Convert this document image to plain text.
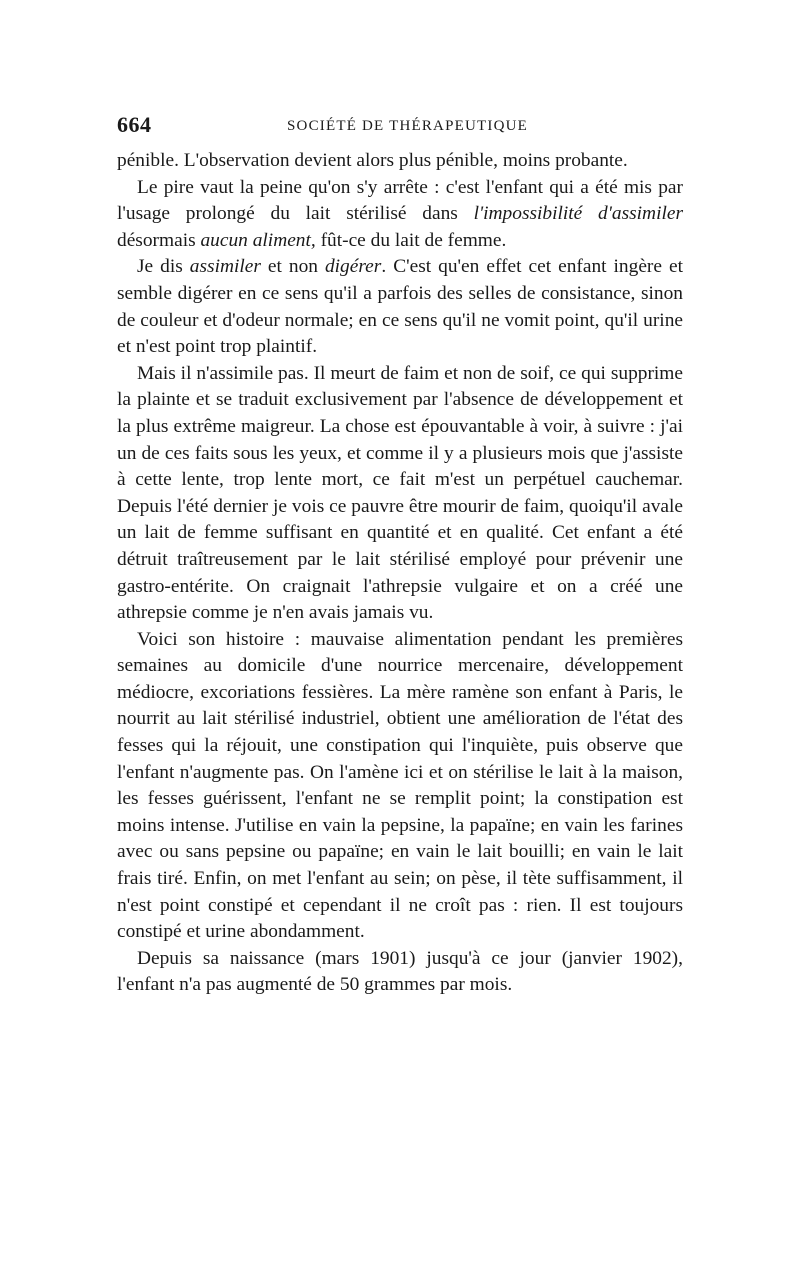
664	SOCIÉTÉ DE THÉRAPEUTIQUE

pénible. L'observation devient alors plus pénible, moins probante.

Le pire vaut la peine qu'on s'y arrête : c'est l'enfant qui a été mis par l'usage prolongé du lait stérilisé dans l'impossibilité d'assimiler désormais aucun aliment, fût-ce du lait de femme.

Je dis assimiler et non digérer. C'est qu'en effet cet enfant ingère et semble digérer en ce sens qu'il a parfois des selles de consistance, sinon de couleur et d'odeur normale; en ce sens qu'il ne vomit point, qu'il urine et n'est point trop plaintif.

Mais il n'assimile pas. Il meurt de faim et non de soif, ce qui supprime la plainte et se traduit exclusivement par l'absence de développement et la plus extrême maigreur. La chose est épouvantable à voir, à suivre : j'ai un de ces faits sous les yeux, et comme il y a plusieurs mois que j'assiste à cette lente, trop lente mort, ce fait m'est un perpétuel cauchemar. Depuis l'été dernier je vois ce pauvre être mourir de faim, quoiqu'il avale un lait de femme suffisant en quantité et en qualité. Cet enfant a été détruit traîtreusement par le lait stérilisé employé pour prévenir une gastro-entérite. On craignait l'athrepsie vulgaire et on a créé une athrepsie comme je n'en avais jamais vu.

Voici son histoire : mauvaise alimentation pendant les premières semaines au domicile d'une nourrice mercenaire, développement médiocre, excoriations fessières. La mère ramène son enfant à Paris, le nourrit au lait stérilisé industriel, obtient une amélioration de l'état des fesses qui la réjouit, une constipation qui l'inquiète, puis observe que l'enfant n'augmente pas. On l'amène ici et on stérilise le lait à la maison, les fesses guérissent, l'enfant ne se remplit point; la constipation est moins intense. J'utilise en vain la pepsine, la papaïne; en vain les farines avec ou sans pepsine ou papaïne; en vain le lait bouilli; en vain le lait frais tiré. Enfin, on met l'enfant au sein; on pèse, il tète suffisamment, il n'est point constipé et cependant il ne croît pas : rien. Il est toujours constipé et urine abondamment.

Depuis sa naissance (mars 1901) jusqu'à ce jour (janvier 1902), l'enfant n'a pas augmenté de 50 grammes par mois.
